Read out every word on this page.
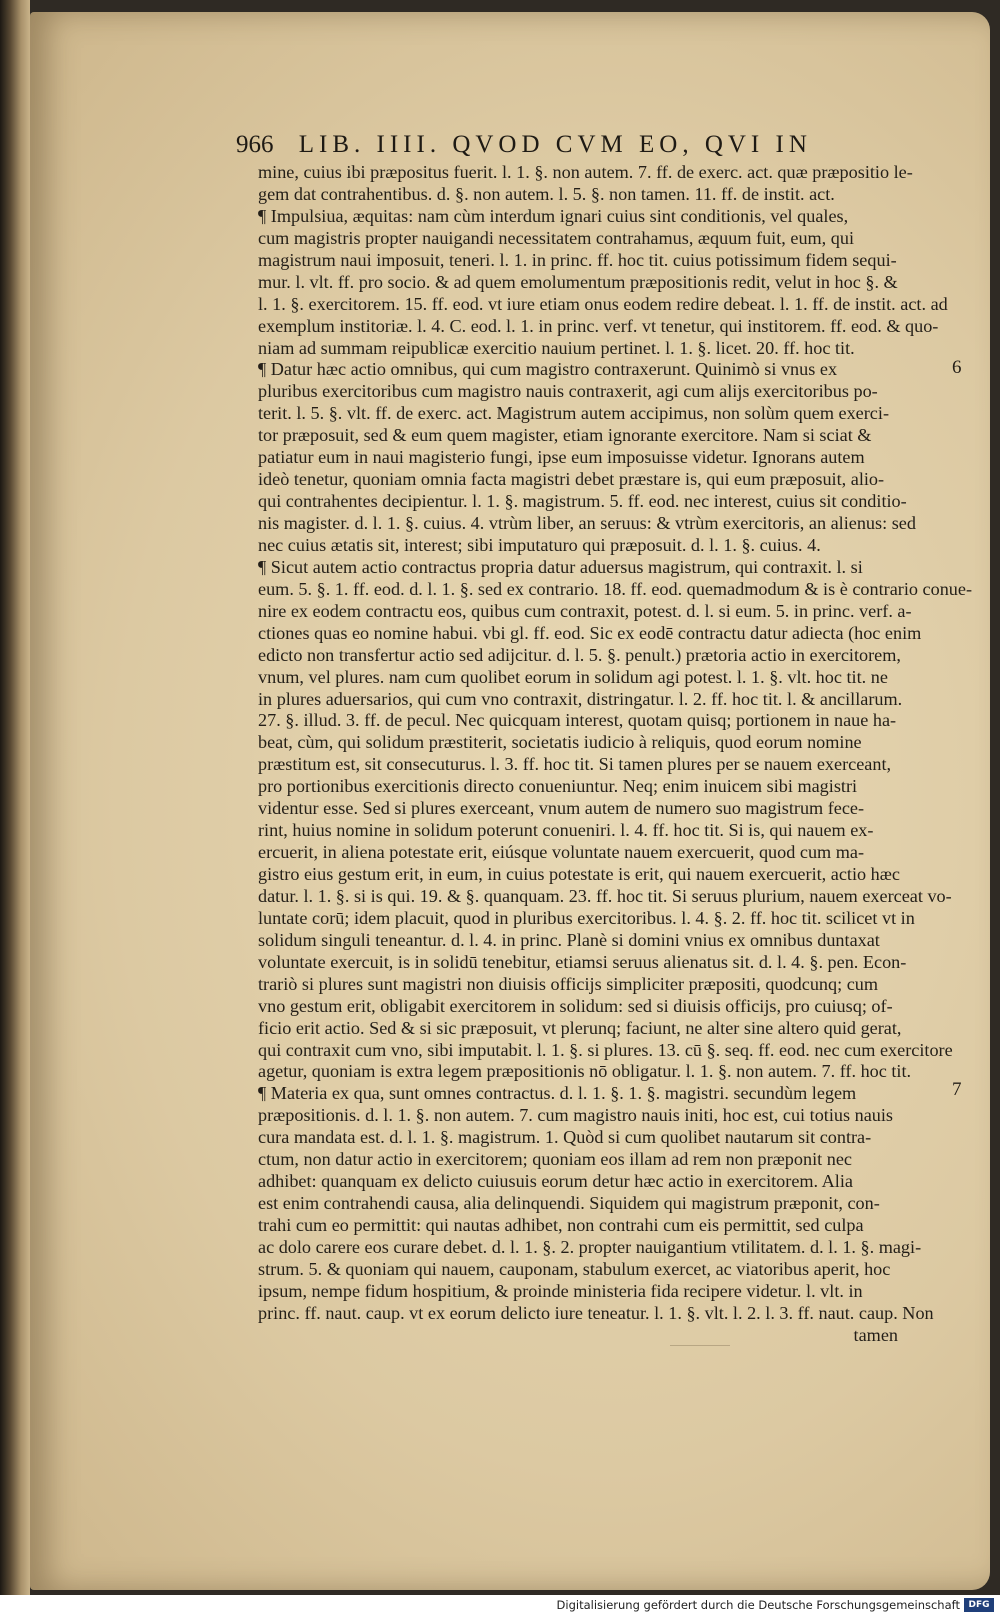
966 LIB. IIII. QVOD CVM EO, QVI IN
mine, cuius ibi præpositus fuerit. l. 1. §. non autem. 7. ff. de exerc. act. quæ præpositio le-
gem dat contrahentibus. d. §. non autem. l. 5. §. non tamen. 11. ff. de instit. act.
¶ Impulsiua, æquitas: nam cùm interdum ignari cuius sint conditionis, vel quales,
cum magistris propter nauigandi necessitatem contrahamus, æquum fuit, eum, qui
magistrum naui imposuit, teneri. l. 1. in princ. ff. hoc tit. cuius potissimum fidem sequi-
mur. l. vlt. ff. pro socio. & ad quem emolumentum præpositionis redit, velut in hoc §. &
l. 1. §. exercitorem. 15. ff. eod. vt iure etiam onus eodem redire debeat. l. 1. ff. de instit. act. ad
exemplum institoriæ. l. 4. C. eod. l. 1. in princ. verf. vt tenetur, qui institorem. ff. eod. & quo-
niam ad summam reipublicæ exercitio nauium pertinet. l. 1. §. licet. 20. ff. hoc tit.
¶ Datur hæc actio omnibus, qui cum magistro contraxerunt. Quinimò si vnus ex
pluribus exercitoribus cum magistro nauis contraxerit, agi cum alijs exercitoribus po-
terit. l. 5. §. vlt. ff. de exerc. act. Magistrum autem accipimus, non solùm quem exerci-
tor præposuit, sed & eum quem magister, etiam ignorante exercitore. Nam si sciat &
patiatur eum in naui magisterio fungi, ipse eum imposuisse videtur. Ignorans autem
ideò tenetur, quoniam omnia facta magistri debet præstare is, qui eum præposuit, alio-
qui contrahentes decipientur. l. 1. §. magistrum. 5. ff. eod. nec interest, cuius sit conditio-
nis magister. d. l. 1. §. cuius. 4. vtrùm liber, an seruus: & vtrùm exercitoris, an alienus: sed
nec cuius ætatis sit, interest; sibi imputaturo qui præposuit. d. l. 1. §. cuius. 4.
¶ Sicut autem actio contractus propria datur aduersus magistrum, qui contraxit. l. si
eum. 5. §. 1. ff. eod. d. l. 1. §. sed ex contrario. 18. ff. eod. quemadmodum & is è contrario conue-
nire ex eodem contractu eos, quibus cum contraxit, potest. d. l. si eum. 5. in princ. verf. a-
ctiones quas eo nomine habui. vbi gl. ff. eod. Sic ex eodē contractu datur adiecta (hoc enim
edicto non transfertur actio sed adijcitur. d. l. 5. §. penult.) prætoria actio in exercitorem,
vnum, vel plures. nam cum quolibet eorum in solidum agi potest. l. 1. §. vlt. hoc tit. ne
in plures aduersarios, qui cum vno contraxit, distringatur. l. 2. ff. hoc tit. l. & ancillarum.
27. §. illud. 3. ff. de pecul. Nec quicquam interest, quotam quisq; portionem in naue ha-
beat, cùm, qui solidum præstiterit, societatis iudicio à reliquis, quod eorum nomine
præstitum est, sit consecuturus. l. 3. ff. hoc tit. Si tamen plures per se nauem exerceant,
pro portionibus exercitionis directo conueniuntur. Neq; enim inuicem sibi magistri
videntur esse. Sed si plures exerceant, vnum autem de numero suo magistrum fece-
rint, huius nomine in solidum poterunt conueniri. l. 4. ff. hoc tit. Si is, qui nauem ex-
ercuerit, in aliena potestate erit, eiúsque voluntate nauem exercuerit, quod cum ma-
gistro eius gestum erit, in eum, in cuius potestate is erit, qui nauem exercuerit, actio hæc
datur. l. 1. §. si is qui. 19. & §. quanquam. 23. ff. hoc tit. Si seruus plurium, nauem exerceat vo-
luntate corū; idem placuit, quod in pluribus exercitoribus. l. 4. §. 2. ff. hoc tit. scilicet vt in
solidum singuli teneantur. d. l. 4. in princ. Planè si domini vnius ex omnibus duntaxat
voluntate exercuit, is in solidū tenebitur, etiamsi seruus alienatus sit. d. l. 4. §. pen. Econ-
trariò si plures sunt magistri non diuisis officijs simpliciter præpositi, quodcunq; cum
vno gestum erit, obligabit exercitorem in solidum: sed si diuisis officijs, pro cuiusq; of-
ficio erit actio. Sed & si sic præposuit, vt plerunq; faciunt, ne alter sine altero quid gerat,
qui contraxit cum vno, sibi imputabit. l. 1. §. si plures. 13. cū §. seq. ff. eod. nec cum exercitore
agetur, quoniam is extra legem præpositionis nō obligatur. l. 1. §. non autem. 7. ff. hoc tit.
¶ Materia ex qua, sunt omnes contractus. d. l. 1. §. 1. §. magistri. secundùm legem
præpositionis. d. l. 1. §. non autem. 7. cum magistro nauis initi, hoc est, cui totius nauis
cura mandata est. d. l. 1. §. magistrum. 1. Quòd si cum quolibet nautarum sit contra-
ctum, non datur actio in exercitorem; quoniam eos illam ad rem non præponit nec
adhibet: quanquam ex delicto cuiusuis eorum detur hæc actio in exercitorem. Alia
est enim contrahendi causa, alia delinquendi. Siquidem qui magistrum præponit, con-
trahi cum eo permittit: qui nautas adhibet, non contrahi cum eis permittit, sed culpa
ac dolo carere eos curare debet. d. l. 1. §. 2. propter nauigantium vtilitatem. d. l. 1. §. magi-
strum. 5. & quoniam qui nauem, cauponam, stabulum exercet, ac viatoribus aperit, hoc
ipsum, nempe fidum hospitium, & proinde ministeria fida recipere videtur. l. vlt. in
princ. ff. naut. caup. vt ex eorum delicto iure teneatur. l. 1. §. vlt. l. 2. l. 3. ff. naut. caup. Non
tamen
6
7
Digitalisierung gefördert durch die Deutsche Forschungsgemeinschaft DFG
